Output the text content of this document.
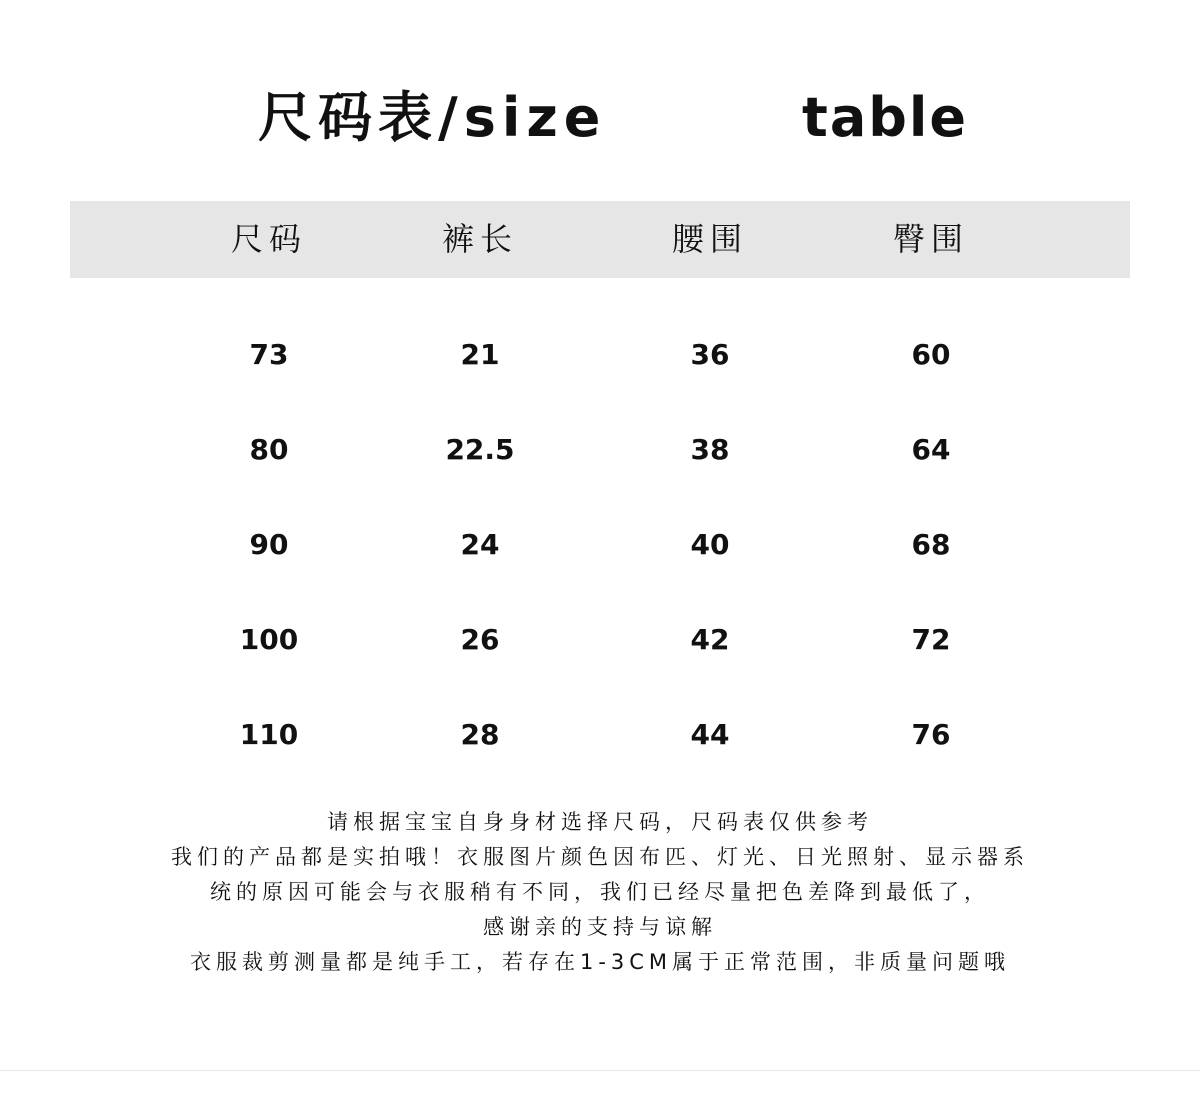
尺码表/size	table
尺码	裤长	腰围	臀围
73	21	36	60
80	22.5	38	64
90	24	40	68
100	26	42	72
110	28	44	76
请根据宝宝自身身材选择尺码，尺码表仅供参考
我们的产品都是实拍哦！衣服图片颜色因布匹、灯光、日光照射、显示器系
统的原因可能会与衣服稍有不同，我们已经尽量把色差降到最低了，
感谢亲的支持与谅解
衣服裁剪测量都是纯手工，若存在1-3CM属于正常范围，非质量问题哦
